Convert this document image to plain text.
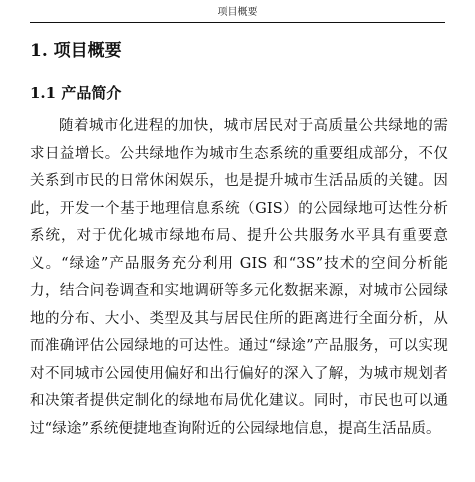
项目概要
1. 项目概要
1.1 产品简介

随着城市化进程的加快，城市居民对于高质量公共绿地的需求日益增长。公共绿地作为城市生态系统的重要组成部分，不仅关系到市民的日常休闲娱乐，也是提升城市生活品质的关键。因此，开发一个基于地理信息系统（GIS）的公园绿地可达性分析系统，对于优化城市绿地布局、提升公共服务水平具有重要意义。“绿途”产品服务充分利用 GIS 和“3S”技术的空间分析能力，结合问卷调查和实地调研等多元化数据来源，对城市公园绿地的分布、大小、类型及其与居民住所的距离进行全面分析，从而准确评估公园绿地的可达性。通过“绿途”产品服务，可以实现对不同城市公园使用偏好和出行偏好的深入了解，为城市规划者和决策者提供定制化的绿地布局优化建议。同时，市民也可以通过“绿途”系统便捷地查询附近的公园绿地信息，提高生活品质。
